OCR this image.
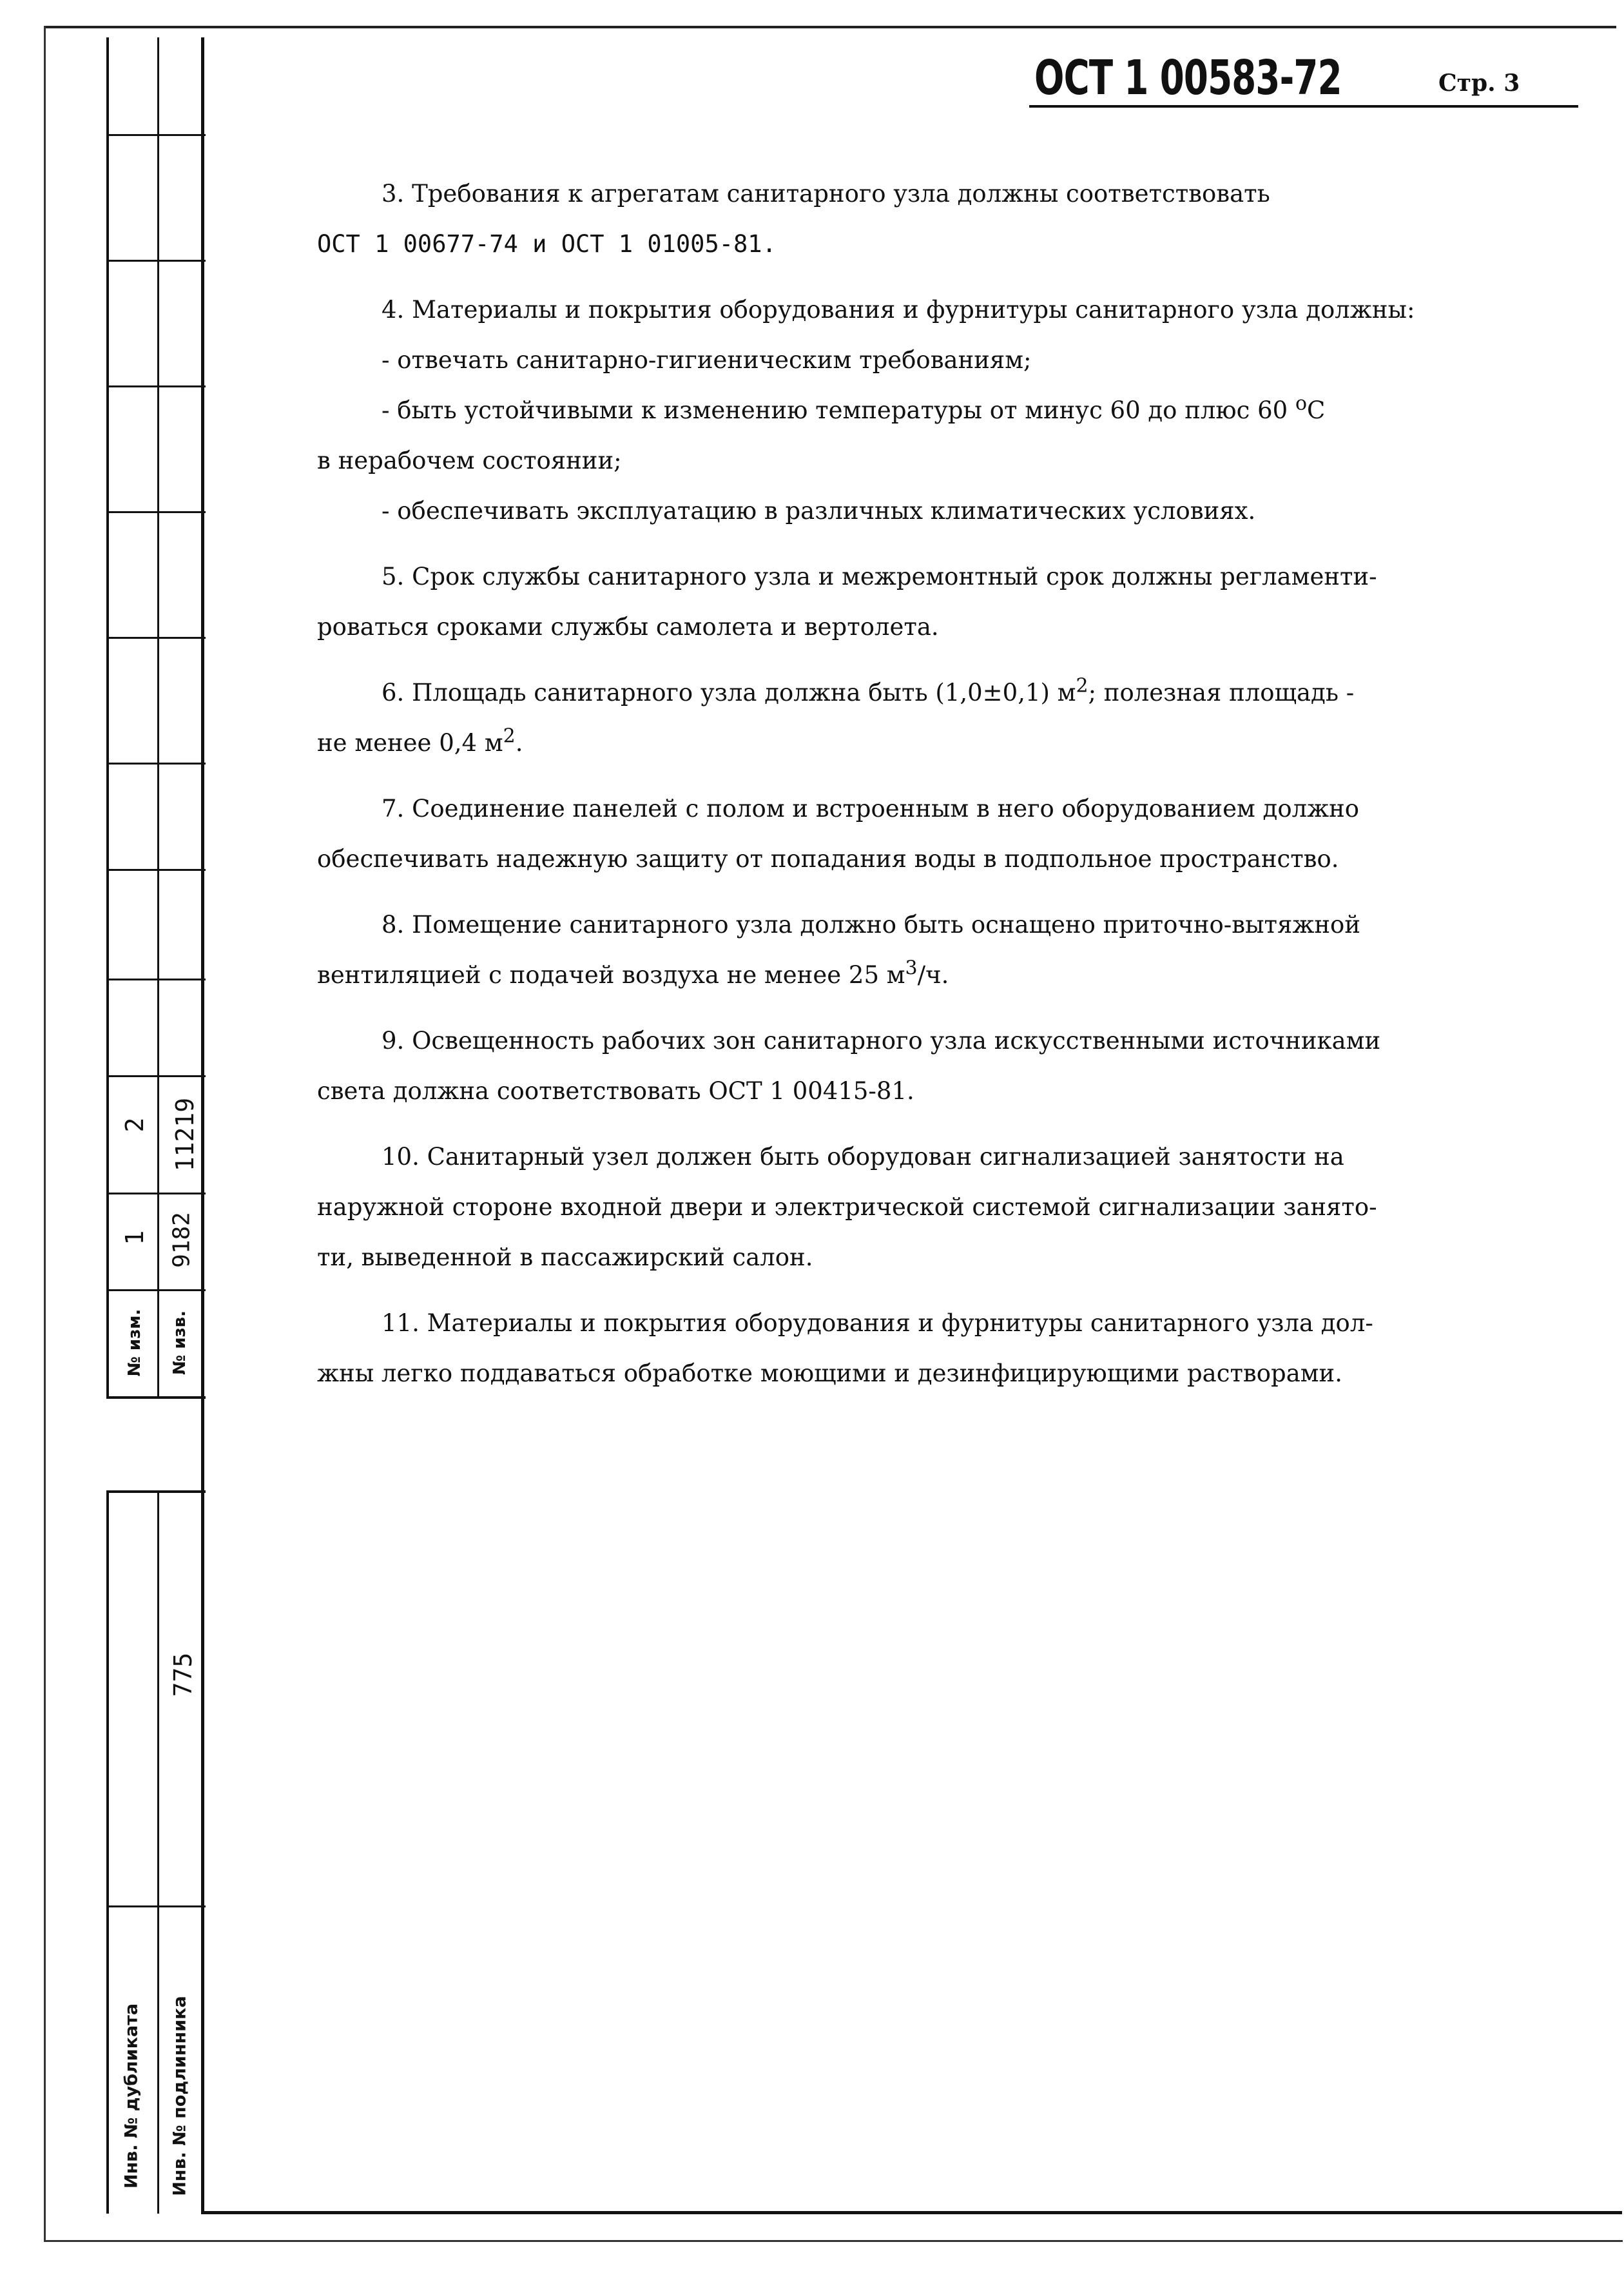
2 11219
1 9182
№ изм. № изв.
775
Инв. № дубликата Инв. № подлинника
ОСТ 1 00583-72	Стр. 3
3. Требования к агрегатам санитарного узла должны соответствовать
ОСТ 1 00677-74 и ОСТ 1 01005-81.
4. Материалы и покрытия оборудования и фурнитуры санитарного узла должны:
- отвечать санитарно-гигиеническим требованиям;
- быть устойчивыми к изменению температуры от минус 60 до плюс 60 $^о$С
в нерабочем состоянии;
- обеспечивать эксплуатацию в различных климатических условиях.
5. Срок службы санитарного узла и межремонтный срок должны регламенти-
роваться сроками службы самолета и вертолета.
6. Площадь санитарного узла должна быть (1,0±0,1) $м^2$; полезная площадь -
не менее 0,4 $м^2$.
7. Соединение панелей с полом и встроенным в него оборудованием должно
обеспечивать надежную защиту от попадания воды в подпольное пространство.
8. Помещение санитарного узла должно быть оснащено приточно-вытяжной
вентиляцией с подачей воздуха не менее 25 $м^3/ч$.
9. Освещенность рабочих зон санитарного узла искусственными источниками
света должна соответствовать ОСТ 1 00415-81.
10. Санитарный узел должен быть оборудован сигнализацией занятости на
наружной стороне входной двери и электрической системой сигнализации занято-
ти, выведенной в пассажирский салон.
11. Материалы и покрытия оборудования и фурнитуры санитарного узла дол-
жны легко поддаваться обработке моющими и дезинфицирующими растворами.
